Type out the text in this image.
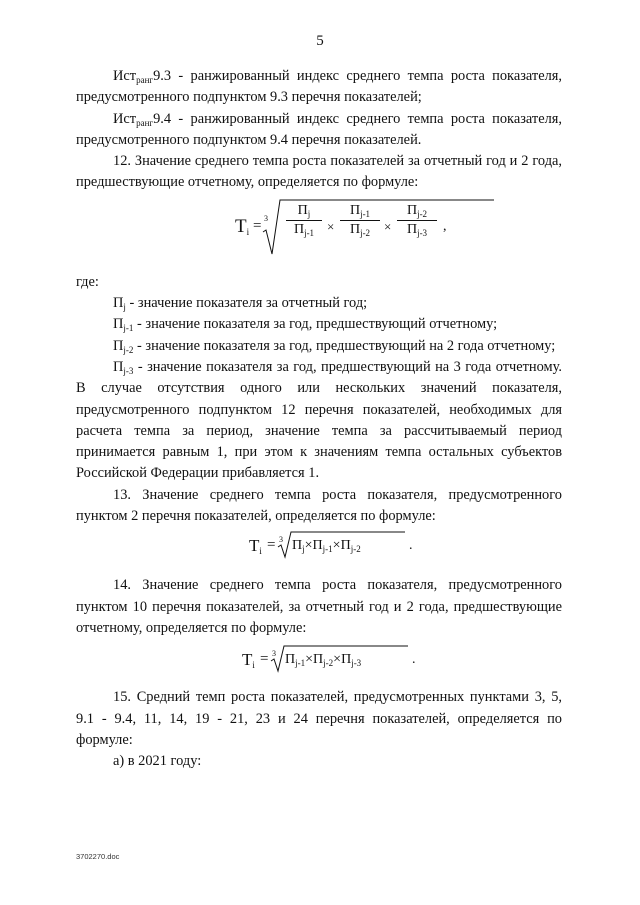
5

Ист$_{ранг}$9.3 - ранжированный индекс среднего темпа роста показателя, предусмотренного подпунктом 9.3 перечня показателей;

Ист$_{ранг}$9.4 - ранжированный индекс среднего темпа роста показателя, предусмотренного подпунктом 9.4 перечня показателей.

12. Значение среднего темпа роста показателей за отчетный год и 2 года, предшествующие отчетному, определяется по формуле:

$T_i = 3$
$П_j$
$П_{j-1}$ ×
$П_{j-1}$
$П_{j-2}$	×
$П_{j-2}$
$П_{j-3}$	,

где:

$П_j$ - значение показателя за отчетный год;

$П_{j-1}$ - значение показателя за год, предшествующий отчетному;

$П_{j-2}$ - значение показателя за год, предшествующий на 2 года отчетному;

$П_{j-3}$ - значение показателя за год, предшествующий на 3 года отчетному. В случае отсутствия одного или нескольких значений показателя, предусмотренного подпунктом 12 перечня показателей, необходимых для расчета темпа за период, значение темпа за рассчитываемый период принимается равным 1, при этом к значениям темпа остальных субъектов Российской Федерации прибавляется 1.

13. Значение среднего темпа роста показателя, предусмотренного пунктом 2 перечня показателей, определяется по формуле:

$T_i = 3$ $П_j\times П_{j-1}\times П_{j-2}$	.

14. Значение среднего темпа роста показателя, предусмотренного пунктом 10 перечня показателей, за отчетный год и 2 года, предшествующие отчетному, определяется по формуле:

$T_i = 3$ $П_{j-1}\times П_{j-2}\times П_{j-3}$	.

15. Средний темп роста показателей, предусмотренных пунктами 3, 5, 9.1 - 9.4, 11, 14, 19 - 21, 23 и 24 перечня показателей, определяется по формуле:

а) в 2021 году:

3702270.doc
